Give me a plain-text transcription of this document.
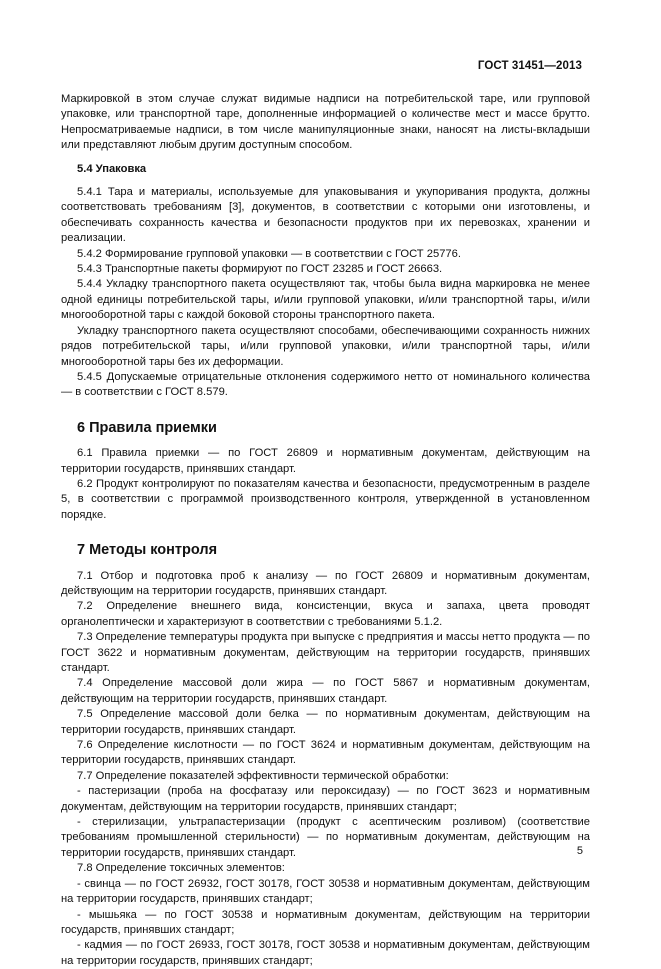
ГОСТ 31451—2013

Маркировкой в этом случае служат видимые надписи на потребительской таре, или групповой упаковке, или транспортной таре, дополненные информацией о количестве мест и массе брутто. Непросматриваемые надписи, в том числе манипуляционные знаки, наносят на листы-вкладыши или представляют любым другим доступным способом.

5.4 Упаковка

5.4.1 Тара и материалы, используемые для упаковывания и укупоривания продукта, должны соответствовать требованиям [3], документов, в соответствии с которыми они изготовлены, и обеспечивать сохранность качества и безопасности продуктов при их перевозках, хранении и реализации.

5.4.2 Формирование групповой упаковки — в соответствии с ГОСТ 25776.

5.4.3 Транспортные пакеты формируют по ГОСТ 23285 и ГОСТ 26663.

5.4.4 Укладку транспортного пакета осуществляют так, чтобы была видна маркировка не менее одной единицы потребительской тары, и/или групповой упаковки, и/или транспортной тары, и/или многооборотной тары с каждой боковой стороны транспортного пакета.

Укладку транспортного пакета осуществляют способами, обеспечивающими сохранность нижних рядов потребительской тары, и/или групповой упаковки, и/или транспортной тары, и/или многооборотной тары без их деформации.

5.4.5 Допускаемые отрицательные отклонения содержимого нетто от номинального количества — в соответствии с ГОСТ 8.579.

6 Правила приемки

6.1 Правила приемки — по ГОСТ 26809 и нормативным документам, действующим на территории государств, принявших стандарт.

6.2 Продукт контролируют по показателям качества и безопасности, предусмотренным в разделе 5, в соответствии с программой производственного контроля, утвержденной в установленном порядке.

7 Методы контроля

7.1 Отбор и подготовка проб к анализу — по ГОСТ 26809 и нормативным документам, действующим на территории государств, принявших стандарт.

7.2 Определение внешнего вида, консистенции, вкуса и запаха, цвета проводят органолептически и характеризуют в соответствии с требованиями 5.1.2.

7.3 Определение температуры продукта при выпуске с предприятия и массы нетто продукта — по ГОСТ 3622 и нормативным документам, действующим на территории государств, принявших стандарт.

7.4 Определение массовой доли жира — по ГОСТ 5867 и нормативным документам, действующим на территории государств, принявших стандарт.

7.5 Определение массовой доли белка — по нормативным документам, действующим на территории государств, принявших стандарт.

7.6 Определение кислотности — по ГОСТ 3624 и нормативным документам, действующим на территории государств, принявших стандарт.

7.7 Определение показателей эффективности термической обработки:

- пастеризации (проба на фосфатазу или пероксидазу) — по ГОСТ 3623 и нормативным документам, действующим на территории государств, принявших стандарт;

- стерилизации, ультрапастеризации (продукт с асептическим розливом) (соответствие требованиям промышленной стерильности) — по нормативным документам, действующим на территории государств, принявших стандарт.

7.8 Определение токсичных элементов:

- свинца — по ГОСТ 26932, ГОСТ 30178, ГОСТ 30538 и нормативным документам, действующим на территории государств, принявших стандарт;

- мышьяка — по ГОСТ 30538 и нормативным документам, действующим на территории государств, принявших стандарт;

- кадмия — по ГОСТ 26933, ГОСТ 30178, ГОСТ 30538 и нормативным документам, действующим на территории государств, принявших стандарт;

5
